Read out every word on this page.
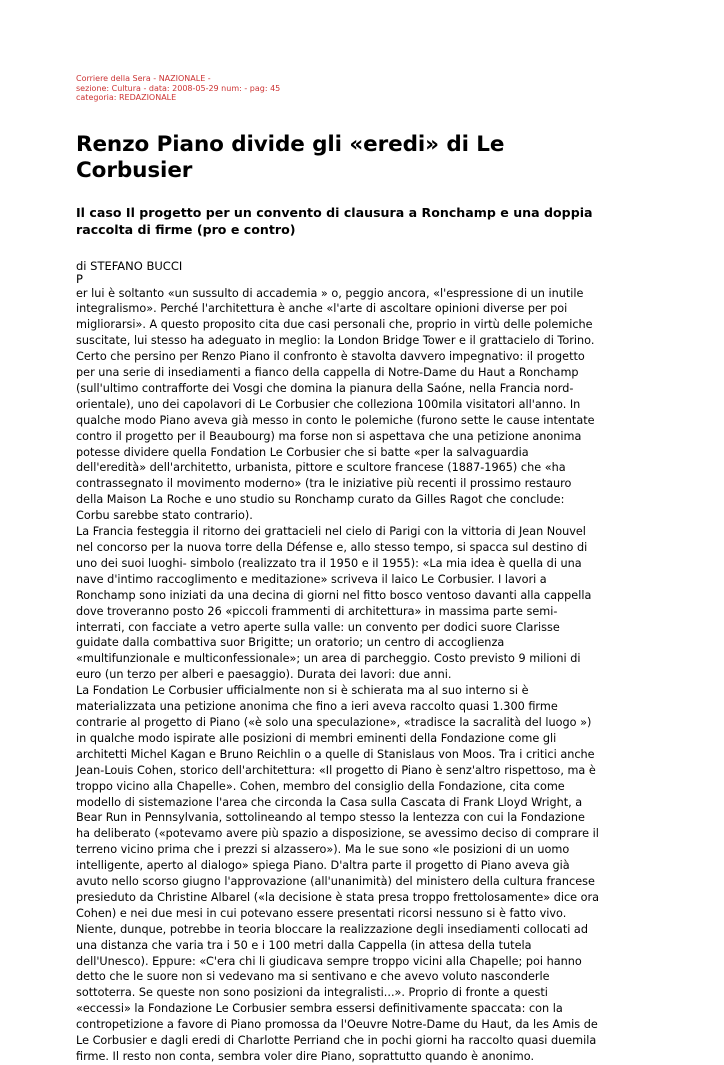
Corriere della Sera - NAZIONALE -
sezione: Cultura - data: 2008-05-29 num: - pag: 45
categoria: REDAZIONALE
Renzo Piano divide gli «eredi» di Le Corbusier
Il caso Il progetto per un convento di clausura a Ronchamp e una doppia raccolta di firme (pro e contro)
di STEFANO BUCCI
P

er lui è soltanto «un sussulto di accademia » o, peggio ancora, «l'espressione di un inutile integralismo». Perché l'architettura è anche «l'arte di ascoltare opinioni diverse per poi migliorarsi». A questo proposito cita due casi personali che, proprio in virtù delle polemiche suscitate, lui stesso ha adeguato in meglio: la London Bridge Tower e il grattacielo di Torino. Certo che persino per Renzo Piano il confronto è stavolta davvero impegnativo: il progetto per una serie di insediamenti a fianco della cappella di Notre-Dame du Haut a Ronchamp (sull'ultimo contrafforte dei Vosgi che domina la pianura della Saóne, nella Francia nord-orientale), uno dei capolavori di Le Corbusier che colleziona 100mila visitatori all'anno. In qualche modo Piano aveva già messo in conto le polemiche (furono sette le cause intentate contro il progetto per il Beaubourg) ma forse non si aspettava che una petizione anonima potesse dividere quella Fondation Le Corbusier che si batte «per la salvaguardia dell'eredità» dell'architetto, urbanista, pittore e scultore francese (1887-1965) che «ha contrassegnato il movimento moderno» (tra le iniziative più recenti il prossimo restauro della Maison La Roche e uno studio su Ronchamp curato da Gilles Ragot che conclude: Corbu sarebbe stato contrario).

La Francia festeggia il ritorno dei grattacieli nel cielo di Parigi con la vittoria di Jean Nouvel nel concorso per la nuova torre della Défense e, allo stesso tempo, si spacca sul destino di uno dei suoi luoghi- simbolo (realizzato tra il 1950 e il 1955): «La mia idea è quella di una nave d'intimo raccoglimento e meditazione» scriveva il laico Le Corbusier. I lavori a Ronchamp sono iniziati da una decina di giorni nel fitto bosco ventoso davanti alla cappella dove troveranno posto 26 «piccoli frammenti di architettura» in massima parte semi-interrati, con facciate a vetro aperte sulla valle: un convento per dodici suore Clarisse guidate dalla combattiva suor Brigitte; un oratorio; un centro di accoglienza «multifunzionale e multiconfessionale»; un area di parcheggio. Costo previsto 9 milioni di euro (un terzo per alberi e paesaggio). Durata dei lavori: due anni.

La Fondation Le Corbusier ufficialmente non si è schierata ma al suo interno si è materializzata una petizione anonima che fino a ieri aveva raccolto quasi 1.300 firme contrarie al progetto di Piano («è solo una speculazione», «tradisce la sacralità del luogo ») in qualche modo ispirate alle posizioni di membri eminenti della Fondazione come gli architetti Michel Kagan e Bruno Reichlin o a quelle di Stanislaus von Moos. Tra i critici anche Jean-Louis Cohen, storico dell'architettura: «Il progetto di Piano è senz'altro rispettoso, ma è troppo vicino alla Chapelle». Cohen, membro del consiglio della Fondazione, cita come modello di sistemazione l'area che circonda la Casa sulla Cascata di Frank Lloyd Wright, a Bear Run in Pennsylvania, sottolineando al tempo stesso la lentezza con cui la Fondazione ha deliberato («potevamo avere più spazio a disposizione, se avessimo deciso di comprare il terreno vicino prima che i prezzi si alzassero»). Ma le sue sono «le posizioni di un uomo intelligente, aperto al dialogo» spiega Piano. D'altra parte il progetto di Piano aveva già avuto nello scorso giugno l'approvazione (all'unanimità) del ministero della cultura francese presieduto da Christine Albarel («la decisione è stata presa troppo frettolosamente» dice ora Cohen) e nei due mesi in cui potevano essere presentati ricorsi nessuno si è fatto vivo.

Niente, dunque, potrebbe in teoria bloccare la realizzazione degli insediamenti collocati ad una distanza che varia tra i 50 e i 100 metri dalla Cappella (in attesa della tutela dell'Unesco). Eppure: «C'era chi li giudicava sempre troppo vicini alla Chapelle; poi hanno detto che le suore non si vedevano ma si sentivano e che avevo voluto nasconderle sottoterra. Se queste non sono posizioni da integralisti...». Proprio di fronte a questi «eccessi» la Fondazione Le Corbusier sembra essersi definitivamente spaccata: con la contropetizione a favore di Piano promossa da l'Oeuvre Notre-Dame du Haut, da les Amis de Le Corbusier e dagli eredi di Charlotte Perriand che in pochi giorni ha raccolto quasi duemila firme. Il resto non conta, sembra voler dire Piano, soprattutto quando è anonimo.
